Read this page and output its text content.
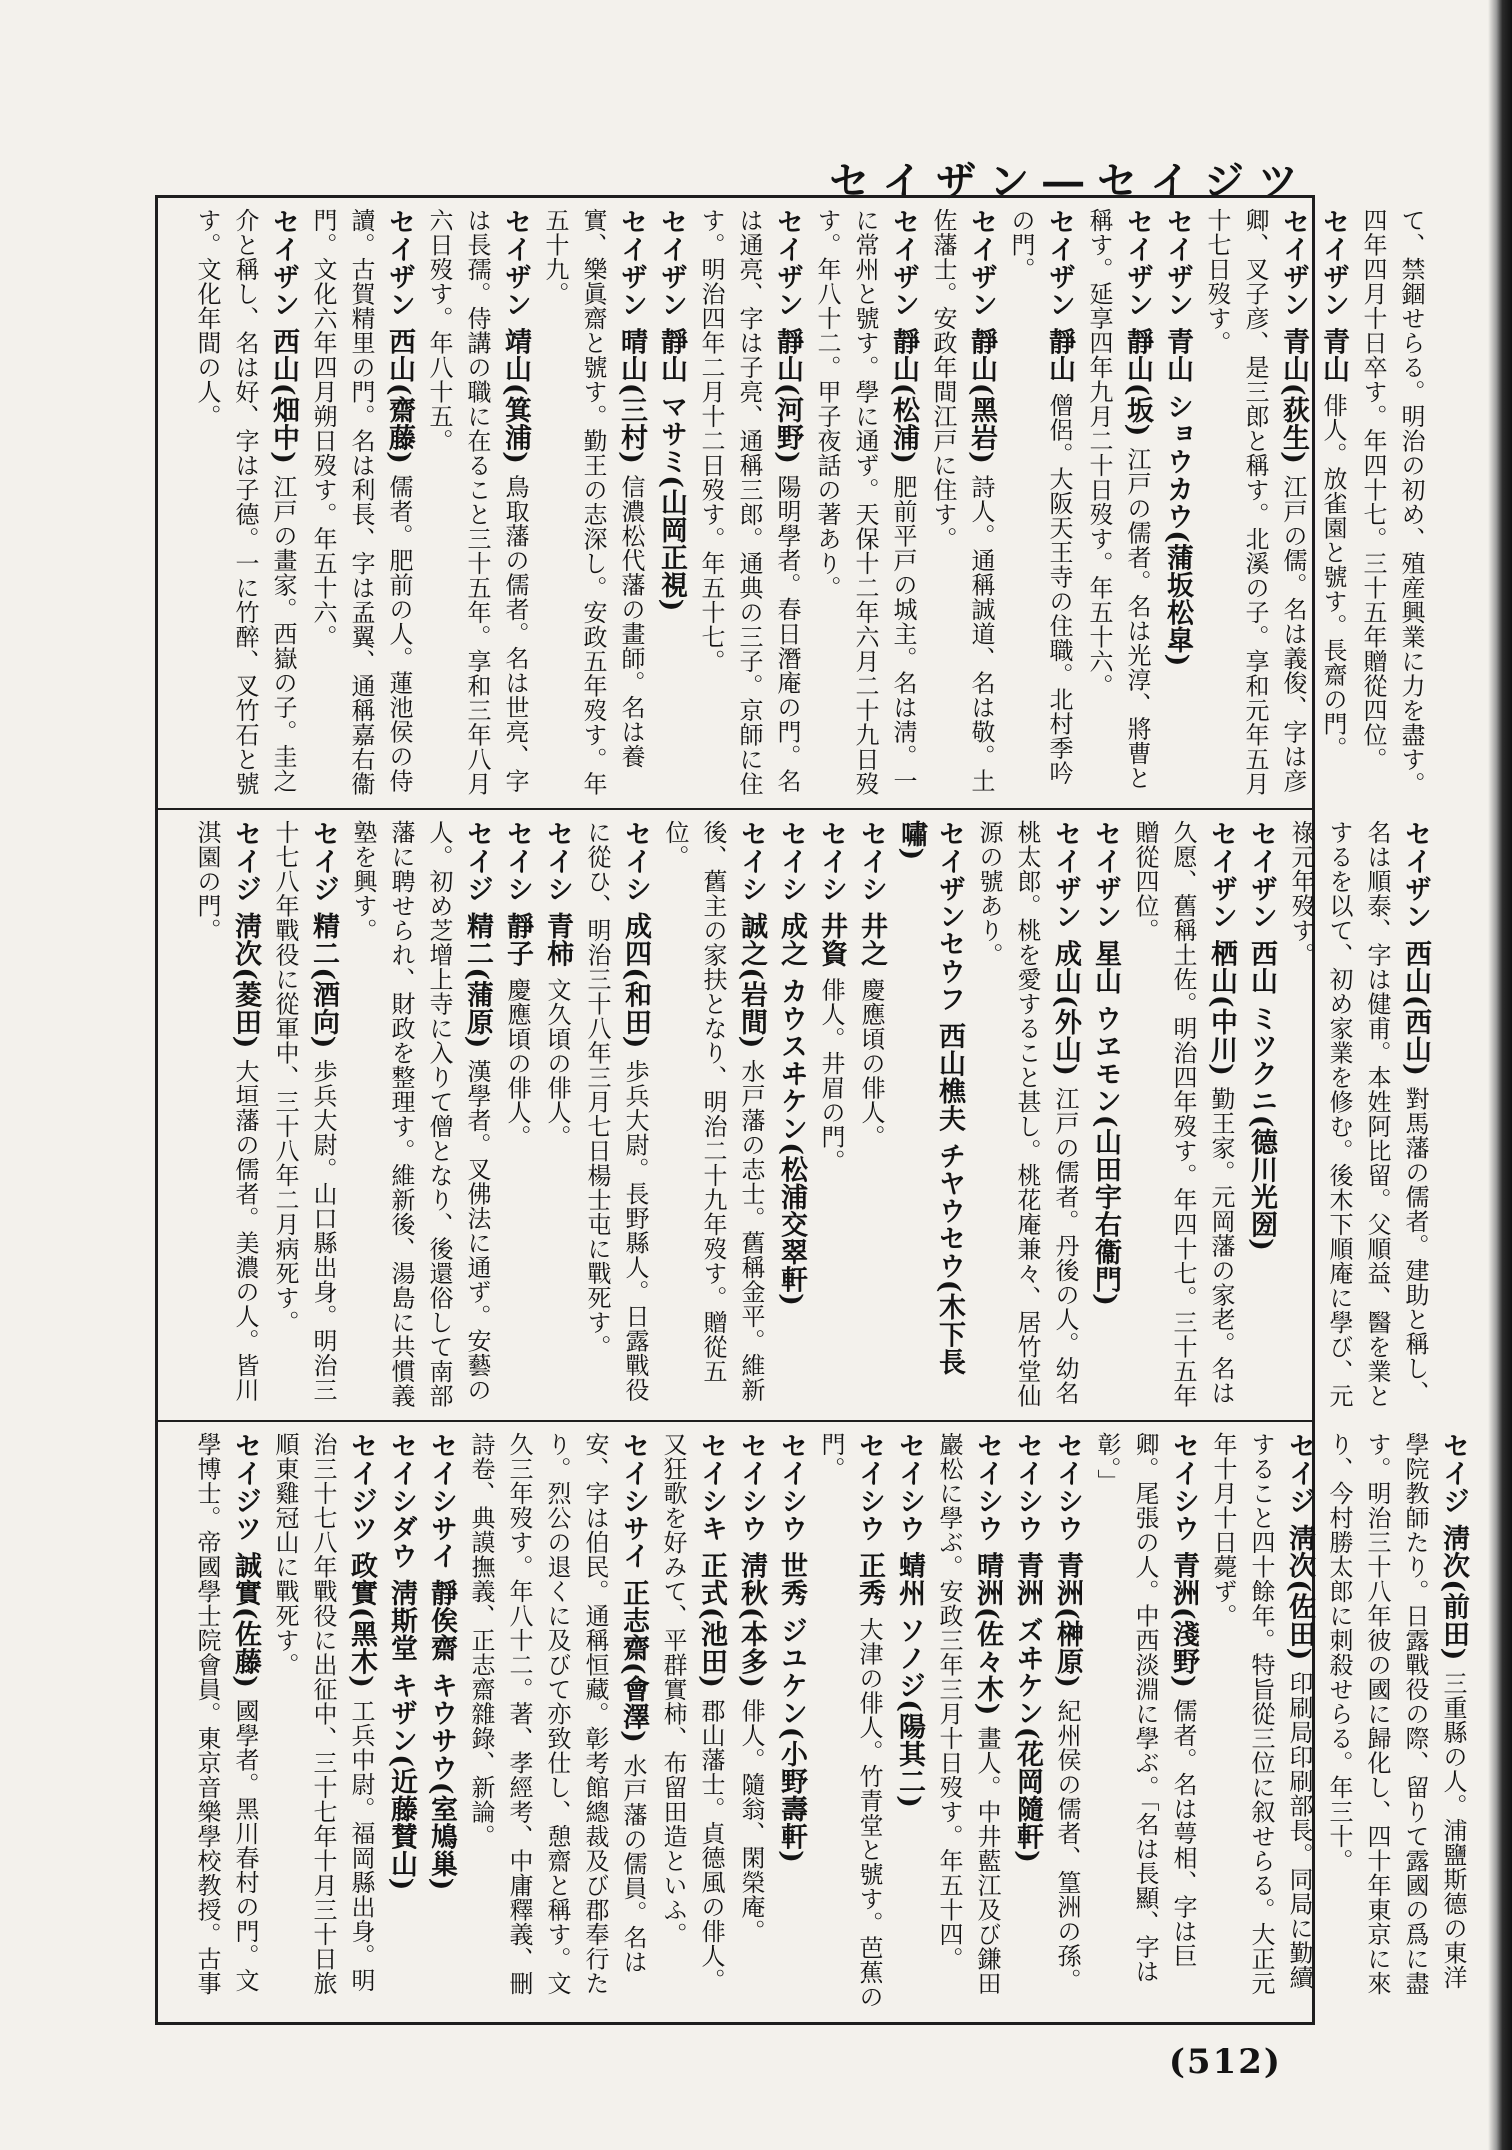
セイザン―セイジツ
て、禁錮せらる。明治の初め、殖産興業に力を盡す。四年四月十日卒す。年四十七。三十五年贈從四位。
セイザン 青山 俳人。放雀園と號す。長齋の門。
セイザン 青山(荻生) 江戸の儒。名は義俊、字は彦卿、叉子彦、是三郎と稱す。北溪の子。享和元年五月十七日歿す。
セイザン 青山 ショウカウ(蒲坂松皐)
セイザン 靜山(坂) 江戸の儒者。名は光淳、將曹と稱す。延享四年九月二十日歿す。年五十六。
セイザン 靜山 僧侶。大阪天王寺の住職。北村季吟の門。
セイザン 靜山(黑岩) 詩人。通稱誠道、名は敬。土佐藩士。安政年間江戸に住す。
セイザン 靜山(松浦) 肥前平戸の城主。名は淸。一に常州と號す。學に通ず。天保十二年六月二十九日歿す。年八十二。甲子夜話の著あり。
セイザン 靜山(河野) 陽明學者。春日潛庵の門。名は通亮、字は子亮、通稱三郎。通典の三子。京師に住す。明治四年二月十二日歿す。年五十七。
セイザン 靜山 マサミ(山岡正視)
セイザン 晴山(三村) 信濃松代藩の畫師。名は養實、樂眞齋と號す。勤王の志深し。安政五年歿す。年五十九。
セイザン 靖山(箕浦) 鳥取藩の儒者。名は世亮、字は長孺。侍講の職に在ること三十五年。享和三年八月六日歿す。年八十五。
セイザン 西山(齋藤) 儒者。肥前の人。蓮池侯の侍讀。古賀精里の門。名は利長、字は孟翼、通稱嘉右衞門。文化六年四月朔日歿す。年五十六。
セイザン 西山(畑中) 江戸の畫家。西嶽の子。圭之介と稱し、名は好、字は子德。一に竹醉、叉竹石と號す。文化年間の人。
セイザン 西山(西山) 對馬藩の儒者。建助と稱し、名は順泰、字は健甫。本姓阿比留。父順益、醫を業とするを以て、初め家業を修む。後木下順庵に學び、元祿元年歿す。
セイザン 西山 ミツクニ(德川光圀)
セイザン 栖山(中川) 勤王家。元岡藩の家老。名は久愿、舊稱土佐。明治四年歿す。年四十七。三十五年贈從四位。
セイザン 星山 ウヱモン(山田宇右衞門)
セイザン 成山(外山) 江戸の儒者。丹後の人。幼名桃太郎。桃を愛すること甚し。桃花庵兼々、居竹堂仙源の號あり。
セイザンセウフ 西山樵夫 チヤウセウ(木下長嘯)
セイシ 井之 慶應頃の俳人。
セイシ 井資 俳人。井眉の門。
セイシ 成之 カウスヰケン(松浦交翠軒)
セイシ 誠之(岩間) 水戸藩の志士。舊稱金平。維新後、舊主の家扶となり、明治二十九年歿す。贈從五位。
セイシ 成四(和田) 歩兵大尉。長野縣人。日露戰役に從ひ、明治三十八年三月七日楊士屯に戰死す。
セイシ 青柿 文久頃の俳人。
セイシ 靜子 慶應頃の俳人。
セイジ 精二(蒲原) 漢學者。叉佛法に通ず。安藝の人。初め芝增上寺に入りて僧となり、後還俗して南部藩に聘せられ、財政を整理す。維新後、湯島に共慣義塾を興す。
セイジ 精二(酒向) 歩兵大尉。山口縣出身。明治三十七八年戰役に從軍中、三十八年二月病死す。
セイジ 淸次(菱田) 大垣藩の儒者。美濃の人。皆川淇園の門。
セイジ 淸次(前田) 三重縣の人。浦鹽斯德の東洋學院教師たり。日露戰役の際、留りて露國の爲に盡す。明治三十八年彼の國に歸化し、四十年東京に來り、今村勝太郎に刺殺せらる。年三十。
セイジ 淸次(佐田) 印刷局印刷部長。同局に勤續すること四十餘年。特旨從三位に叙せらる。大正元年十月十日薨ず。
セイシウ 青洲(淺野) 儒者。名は萼相、字は巨卿。尾張の人。中西淡淵に學ぶ。「名は長顯、字は彰。」
セイシウ 青洲(榊原) 紀州侯の儒者、篁洲の孫。
セイシウ 青洲 ズヰケン(花岡隨軒)
セイシウ 晴洲(佐々木) 畫人。中井藍江及び鎌田巖松に學ぶ。安政三年三月十日歿す。年五十四。
セイシウ 蜻州 ソノジ(陽其二)
セイシウ 正秀 大津の俳人。竹青堂と號す。芭蕉の門。
セイシウ 世秀 ジユケン(小野壽軒)
セイシウ 淸秋(本多) 俳人。隨翁、閑榮庵。
セイシキ 正式(池田) 郡山藩士。貞德風の俳人。又狂歌を好みて、平群實柿、布留田造といふ。
セイシサイ 正志齋(會澤) 水戸藩の儒員。名は安、字は伯民。通稱恒藏。彰考館總裁及び郡奉行たり。烈公の退くに及びて亦致仕し、憩齋と稱す。文久三年歿す。年八十二。著、孝經考、中庸釋義、刪詩卷、典謨撫義、正志齋雜錄、新論。
セイシサイ 靜俟齋 キウサウ(室鳩巢)
セイシダウ 淸斯堂 キザン(近藤賛山)
セイジツ 政實(黑木) 工兵中尉。福岡縣出身。明治三十七八年戰役に出征中、三十七年十月三十日旅順東雞冠山に戰死す。
セイジツ 誠實(佐藤) 國學者。黑川春村の門。文學博士。帝國學士院會員。東京音樂學校教授。古事
(512)
